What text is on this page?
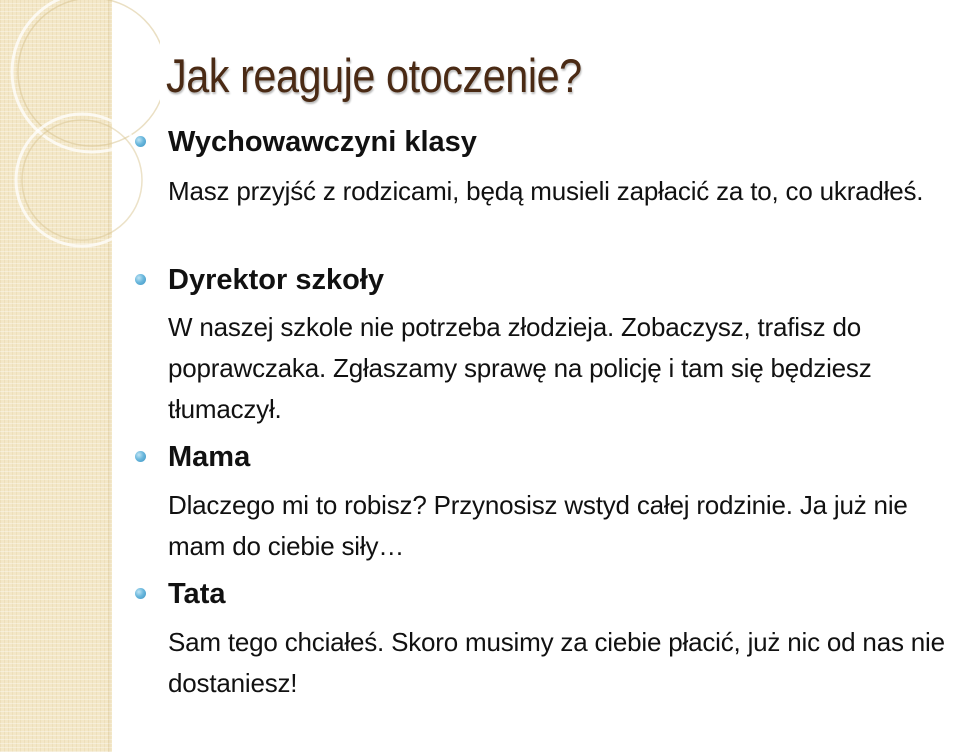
Jak reaguje otoczenie?

Wychowawczyni klasy

Masz przyjść z rodzicami, będą musieli zapłacić za to, co ukradłeś.

Dyrektor szkoły

W naszej szkole nie potrzeba złodzieja. Zobaczysz, trafisz do poprawczaka. Zgłaszamy sprawę na policję i tam się będziesz tłumaczył.

Mama

Dlaczego mi to robisz? Przynosisz wstyd całej rodzinie. Ja już nie mam do ciebie siły…

Tata

Sam tego chciałeś. Skoro musimy za ciebie płacić, już nic od nas nie dostaniesz!
